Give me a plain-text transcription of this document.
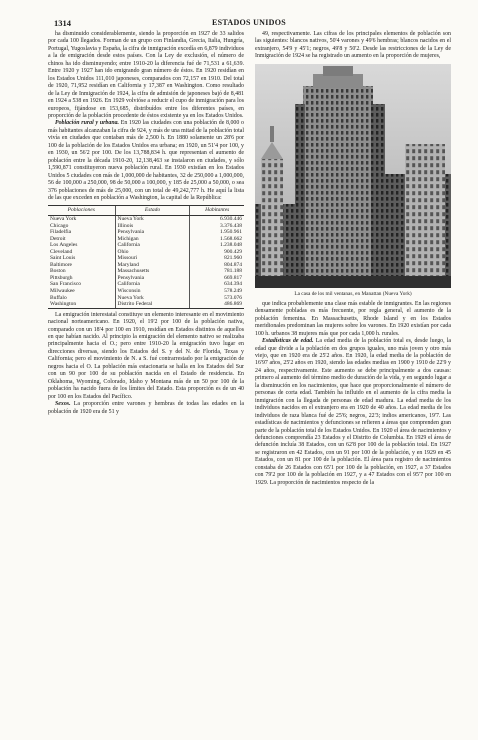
1314	ESTADOS UNIDOS

ha disminuido considerablemente, siendo la proporción en 1927 de 33 salidos por cada 100 llegados. Forman de un grupo con Finlandia, Grecia, Italia, Hungría, Portugal, Yugoslavia y España, la cifra de inmigración excedía en 6,879 individuos a la de emigración desde estos países. Con la Ley de exclusión, el número de chinos ha ido disminuyendo; entre 1910-20 la diferencia fué de 71,531 a 61,639. Entre 1920 y 1927 han ido emigrando gran número de éstos. En 1920 residían en los Estados Unidos 111,010 japoneses, comparados con 72,157 en 1910. Del total de 1920, 71,952 residían en California y 17,387 en Washington. Como resultado de la Ley de Inmigración de 1924, la cifra de admisión de japoneses bajó de 8,481 en 1924 a 538 en 1926. En 1929 volvióse a reducir el cupo de inmigración para los europeos, fijándose en 153,685, distribuídos entre los diferentes países, en proporción de la población procedente de éstos existente ya en los Estados Unidos.

Población rural y urbana. En 1920 las ciudades con una población de 8,000 o más habitantes alcanzaban la cifra de 924, y más de una mitad de la población total vivía en ciudades que contaban más de 2,500 h. En 1880 solamente un 28'6 por 100 de la población de los Estados Unidos era urbana; en 1920, un 51'4 por 100, y en 1930, un 56'2 por 100. De los 13,788,834 h. que representan el aumento de población entre la década 1910-20, 12,138,463 se instalaron en ciudades, y sólo 1,590,871 constituyeron nueva población rural. En 1930 existían en los Estados Unidos 5 ciudades con más de 1,000,000 de habitantes, 32 de 250,000 a 1,000,000, 56 de 100,000 a 250,000, 98 de 50,000 a 100,000, y 185 de 25,000 a 50,000, o sea 376 poblaciones de más de 25,000, con un total de 49,242,777 h. He aquí la lista de las que exceden en población a Washington, la capital de la República:

Poblaciones	Estado	Habitantes
Nueva York	Nueva York	6.930.446
Chicago	Illinois	3.376.438
Filadelfia	Pensylvania	1.950.961
Detroit	Michigan	1.568.662
Los Angeles	California	1.238.048
Cleveland	Ohio	900.429
Saint Louis	Missouri	821.960
Baltimore	Maryland	804.874
Boston	Massachusetts	781.188
Pittsburgh	Pensylvania	669.817
San Francisco	California	634.394
Milwaukee	Wisconsin	578.249
Buffalo	Nueva York	573.076
Washington	Distrito Federal	486.869

La emigración interestatal constituye un elemento interesante en el movimiento nacional norteamericano. En 1920, el 19'2 por 100 de la población nativa, comparado con un 18'4 por 100 en 1910, residían en Estados distintos de aquellos en que habían nacido. Al principio la emigración del elemento nativo se realizaba principalmente hacia el O.; pero entre 1910-20 la emigración tuvo lugar en direcciones diversas, siendo los Estados del S. y del N. de Florida, Texas y California; pero el movimiento de N. a S. fué contrarrestado por la emigración de negros hacia el O. La población más estacionaria se halla en los Estados del Sur con un 90 por 100 de su población nacida en el Estado de residencia. En Oklahoma, Wyoming, Colorado, Idaho y Montana más de un 50 por 100 de la población ha nacido fuera de los límites del Estado. Esta proporción es de un 40 por 100 en los Estados del Pacífico.

Sexos. La proporción entre varones y hembras de todas las edades en la población de 1920 era de 51 y

49, respectivamente. Las cifras de los principales elementos de población son las siguientes: blancos nativos, 50'4 varones y 49'6 hembras; blancos nacidos en el extranjero, 54'9 y 45'1; negros, 49'8 y 50'2. Desde las restricciones de la Ley de Inmigración de 1924 se ha registrado un aumento en la proporción de mujeres,

La casa de los mil ventanas, en Manattan (Nueva York)

que indica probablemente una clase más estable de inmigrantes. En las regiones densamente pobladas es más frecuente, por regla general, el aumento de la población femenina. En Massachusetts, Rhode Island y en los Estados meridionales predominan las mujeres sobre los varones. En 1920 existían por cada 100 h. urbanos 38 mujeres más que por cada 1,000 h. rurales.

Estadísticas de edad. La edad media de la población total es, desde luego, la edad que divide a la población en dos grupos iguales, uno más joven y otro más viejo, que en 1920 era de 25'2 años. En 1920, la edad media de la población de 16'97 años, 25'2 años en 1920, siendo las edades medias en 1900 y 1910 de 22'9 y 24 años, respectivamente. Este aumento se debe principalmente a dos causas: primero al aumento del término medio de duración de la vida, y en segundo lugar a la disminución en los nacimientos, que hace que proporcionalmente el número de personas de corta edad. También ha influido en el aumento de la cifra media la inmigración con la llegada de personas de edad madura. La edad media de los individuos nacidos en el extranjero era en 1920 de 40 años. La edad media de los individuos de raza blanca fué de 25'6; negros, 22'3; indios americanos, 19'7. Las estadísticas de nacimientos y defunciones se refieren a áreas que comprenden gran parte de la población total de los Estados Unidos. En 1920 el área de nacimientos y defunciones comprendía 23 Estados y el Distrito de Columbia. En 1929 el área de defunción incluía 38 Estados, con un 62'8 por 100 de la población total. En 1927 se registraron en 42 Estados, con un 91 por 100 de la población, y en 1929 en 45 Estados, con un 81 por 100 de la población. El área para registro de nacimientos constaba de 26 Estados con 65'1 por 100 de la población, en 1927, a 37 Estados con 79'2 por 100 de la población en 1927, y a 47 Estados con el 95'7 por 100 en 1929. La proporción de nacimientos respecto de la
